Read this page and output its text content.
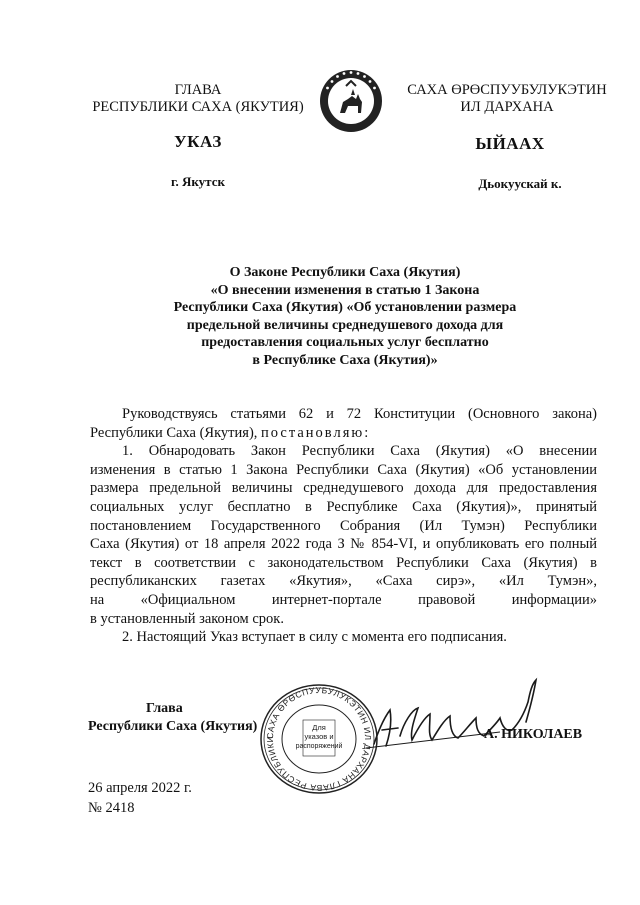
ГЛАВА
РЕСПУБЛИКИ САХА (ЯКУТИЯ)
САХА ӨРӨСПУУБУЛУКЭТИН
ИЛ ДАРХАНА
УКАЗ	ЫЙААХ
г. Якутск	Дьокуускай к.
О Законе Республики Саха (Якутия)
«О внесении изменения в статью 1 Закона
Республики Саха (Якутия) «Об установлении размера
предельной величины среднедушевого дохода для
предоставления социальных услуг бесплатно
в Республике Саха (Якутия)»

Руководствуясь статьями 62 и 72 Конституции (Основного закона)

Республики Саха (Якутия), постановляю:

1. Обнародовать Закон Республики Саха (Якутия) «О внесении

изменения в статью 1 Закона Республики Саха (Якутия) «Об установлении

размера предельной величины среднедушевого дохода для предоставления

социальных услуг бесплатно в Республике Саха (Якутия)», принятый

постановлением Государственного Собрания (Ил Тумэн) Республики

Саха (Якутия) от 18 апреля 2022 года З № 854-VI, и опубликовать его полный

текст в соответствии с законодательством Республики Саха (Якутия) в

республиканских газетах «Якутия», «Саха сирэ», «Ил Тумэн»,

на «Официальном интернет-портале правовой информации»

в установленный законом срок.

2. Настоящий Указ вступает в силу с момента его подписания.

Глава
Республики Саха (Якутия)
САХА ӨРӨСПУУБУЛУКЭТИН ИЛ ДАРХАНА ГЛАВА РЕСПУБЛИКИ
Для
указов и
распоряжений
А. НИКОЛАЕВ
26 апреля 2022 г.
№ 2418
